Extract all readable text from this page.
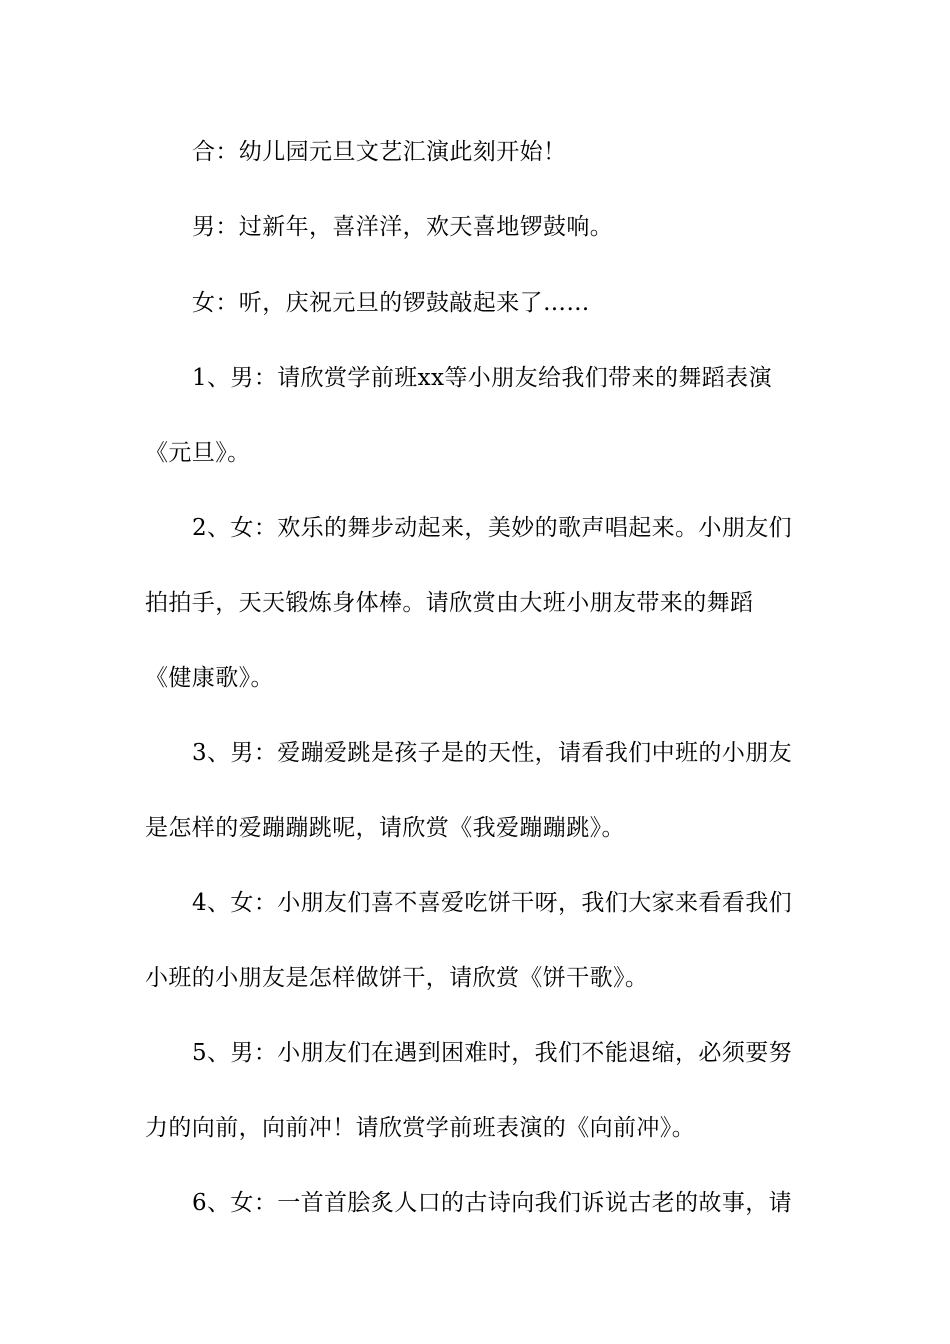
合：幼儿园元旦文艺汇演此刻开始！
男：过新年，喜洋洋，欢天喜地锣鼓响。
女：听，庆祝元旦的锣鼓敲起来了……
1、男：请欣赏学前班xx等小朋友给我们带来的舞蹈表演
《元旦》。
2、女：欢乐的舞步动起来，美妙的歌声唱起来。小朋友们
拍拍手，天天锻炼身体棒。请欣赏由大班小朋友带来的舞蹈
《健康歌》。
3、男：爱蹦爱跳是孩子是的天性，请看我们中班的小朋友
是怎样的爱蹦蹦跳呢，请欣赏《我爱蹦蹦跳》。
4、女：小朋友们喜不喜爱吃饼干呀，我们大家来看看我们
小班的小朋友是怎样做饼干，请欣赏《饼干歌》。
5、男：小朋友们在遇到困难时，我们不能退缩，必须要努
力的向前，向前冲！请欣赏学前班表演的《向前冲》。
6、女：一首首脍炙人口的古诗向我们诉说古老的故事，请
